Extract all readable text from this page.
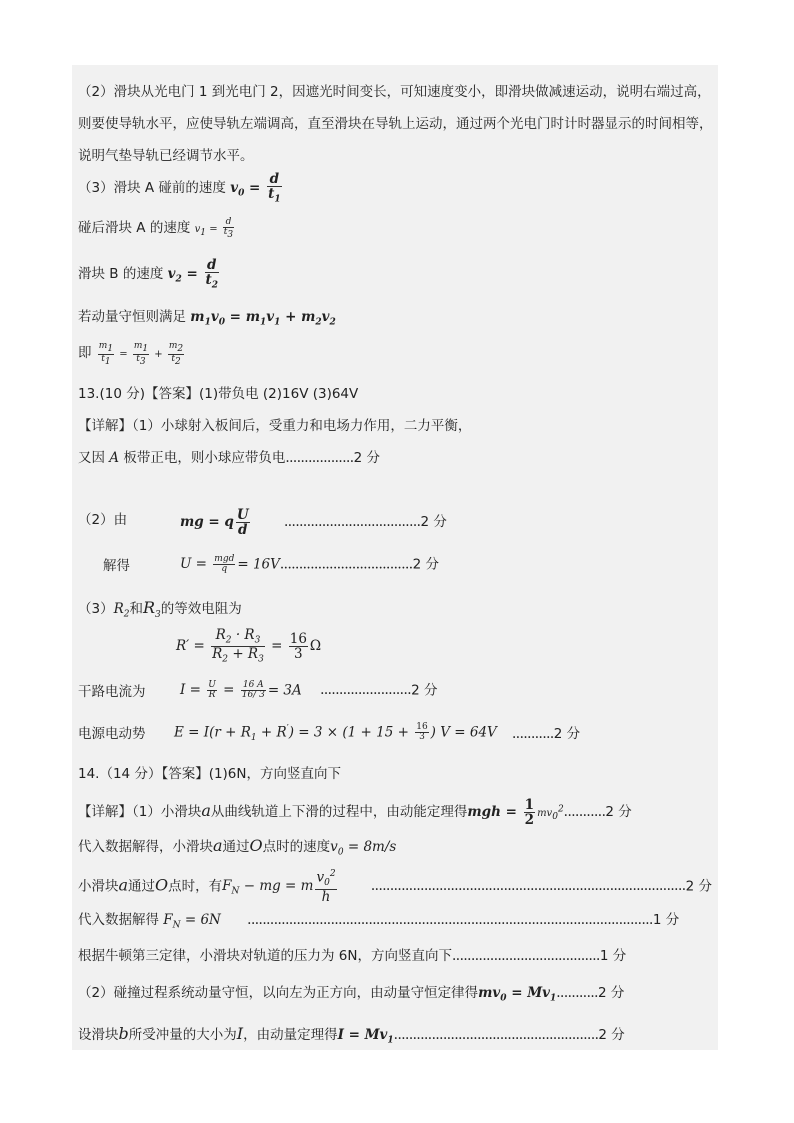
（2）滑块从光电门 1 到光电门 2，因遮光时间变长，可知速度变小，即滑块做减速运动，说明右端过高，
则要使导轨水平，应使导轨左端调高，直至滑块在导轨上运动，通过两个光电门时计时器显示的时间相等，
说明气垫导轨已经调节水平。
（3）滑块 A 碰前的速度 $v_0 = \frac{d}{t_1}$
碰后滑块 A 的速度 $v_1 = \frac{d}{t_3}$
滑块 B 的速度 $v_2 = \frac{d}{t_2}$
若动量守恒则满足 $m_1v_0 = m_1v_1 + m_2v_2$
即 $\frac{m_1}{t_1} = \frac{m_1}{t_3} + \frac{m_2}{t_2}$
13.(10 分)【答案】(1)带负电 (2)16V (3)64V
【详解】（1）小球射入板间后，受重力和电场力作用，二力平衡，
又因 A 板带正电，则小球应带负电..................2 分
（2）由	mg = q $\frac{U}{d}$	....................................2 分
解得	$U = \frac{\text{mgd}}{q} = 16V...................................2$ 分
$(3)R_2$和$R_3$的等效电阻为
$R' = \frac{R_2 \cdot R_3}{R_2 + R_3} = \frac{16}{3}$ Ω
干路电流为	$I = \frac{U}{R} = \frac{16 A}{16/ 3} = 3A$ ........................2 分
电源电动势 $E = I(r + R_1 + R') = 3 \times (1 + 15 + \frac{16}{3}$ ) V = 64V ...........2 分
14.（14 分）【答案】(1)6N，方向竖直向下
【详解】（1）小滑块a从曲线轨道上下滑的过程中，由动能定理得mgh = $\frac{1}{2} mv_0^2...........2$ 分
代入数据解得，小滑块a通过O点时的速度$v_0 = 8m/s$
小滑块a通过O点时，有$F_N$ − mg = m $\frac{v_0^2}{h}$	...................................................................................2 分
代入数据解得 $F_N = 6N$ ...........................................................................................................1 分
根据牛顿第三定律，小滑块对轨道的压力为 6N，方向竖直向下.......................................1 分
（2）碰撞过程系统动量守恒，以向左为正方向，由动量守恒定律得$mv_0 = Mv_1...........2$ 分
设滑块b所受冲量的大小为I，由动量定理得$I = Mv_1......................................................2$ 分
